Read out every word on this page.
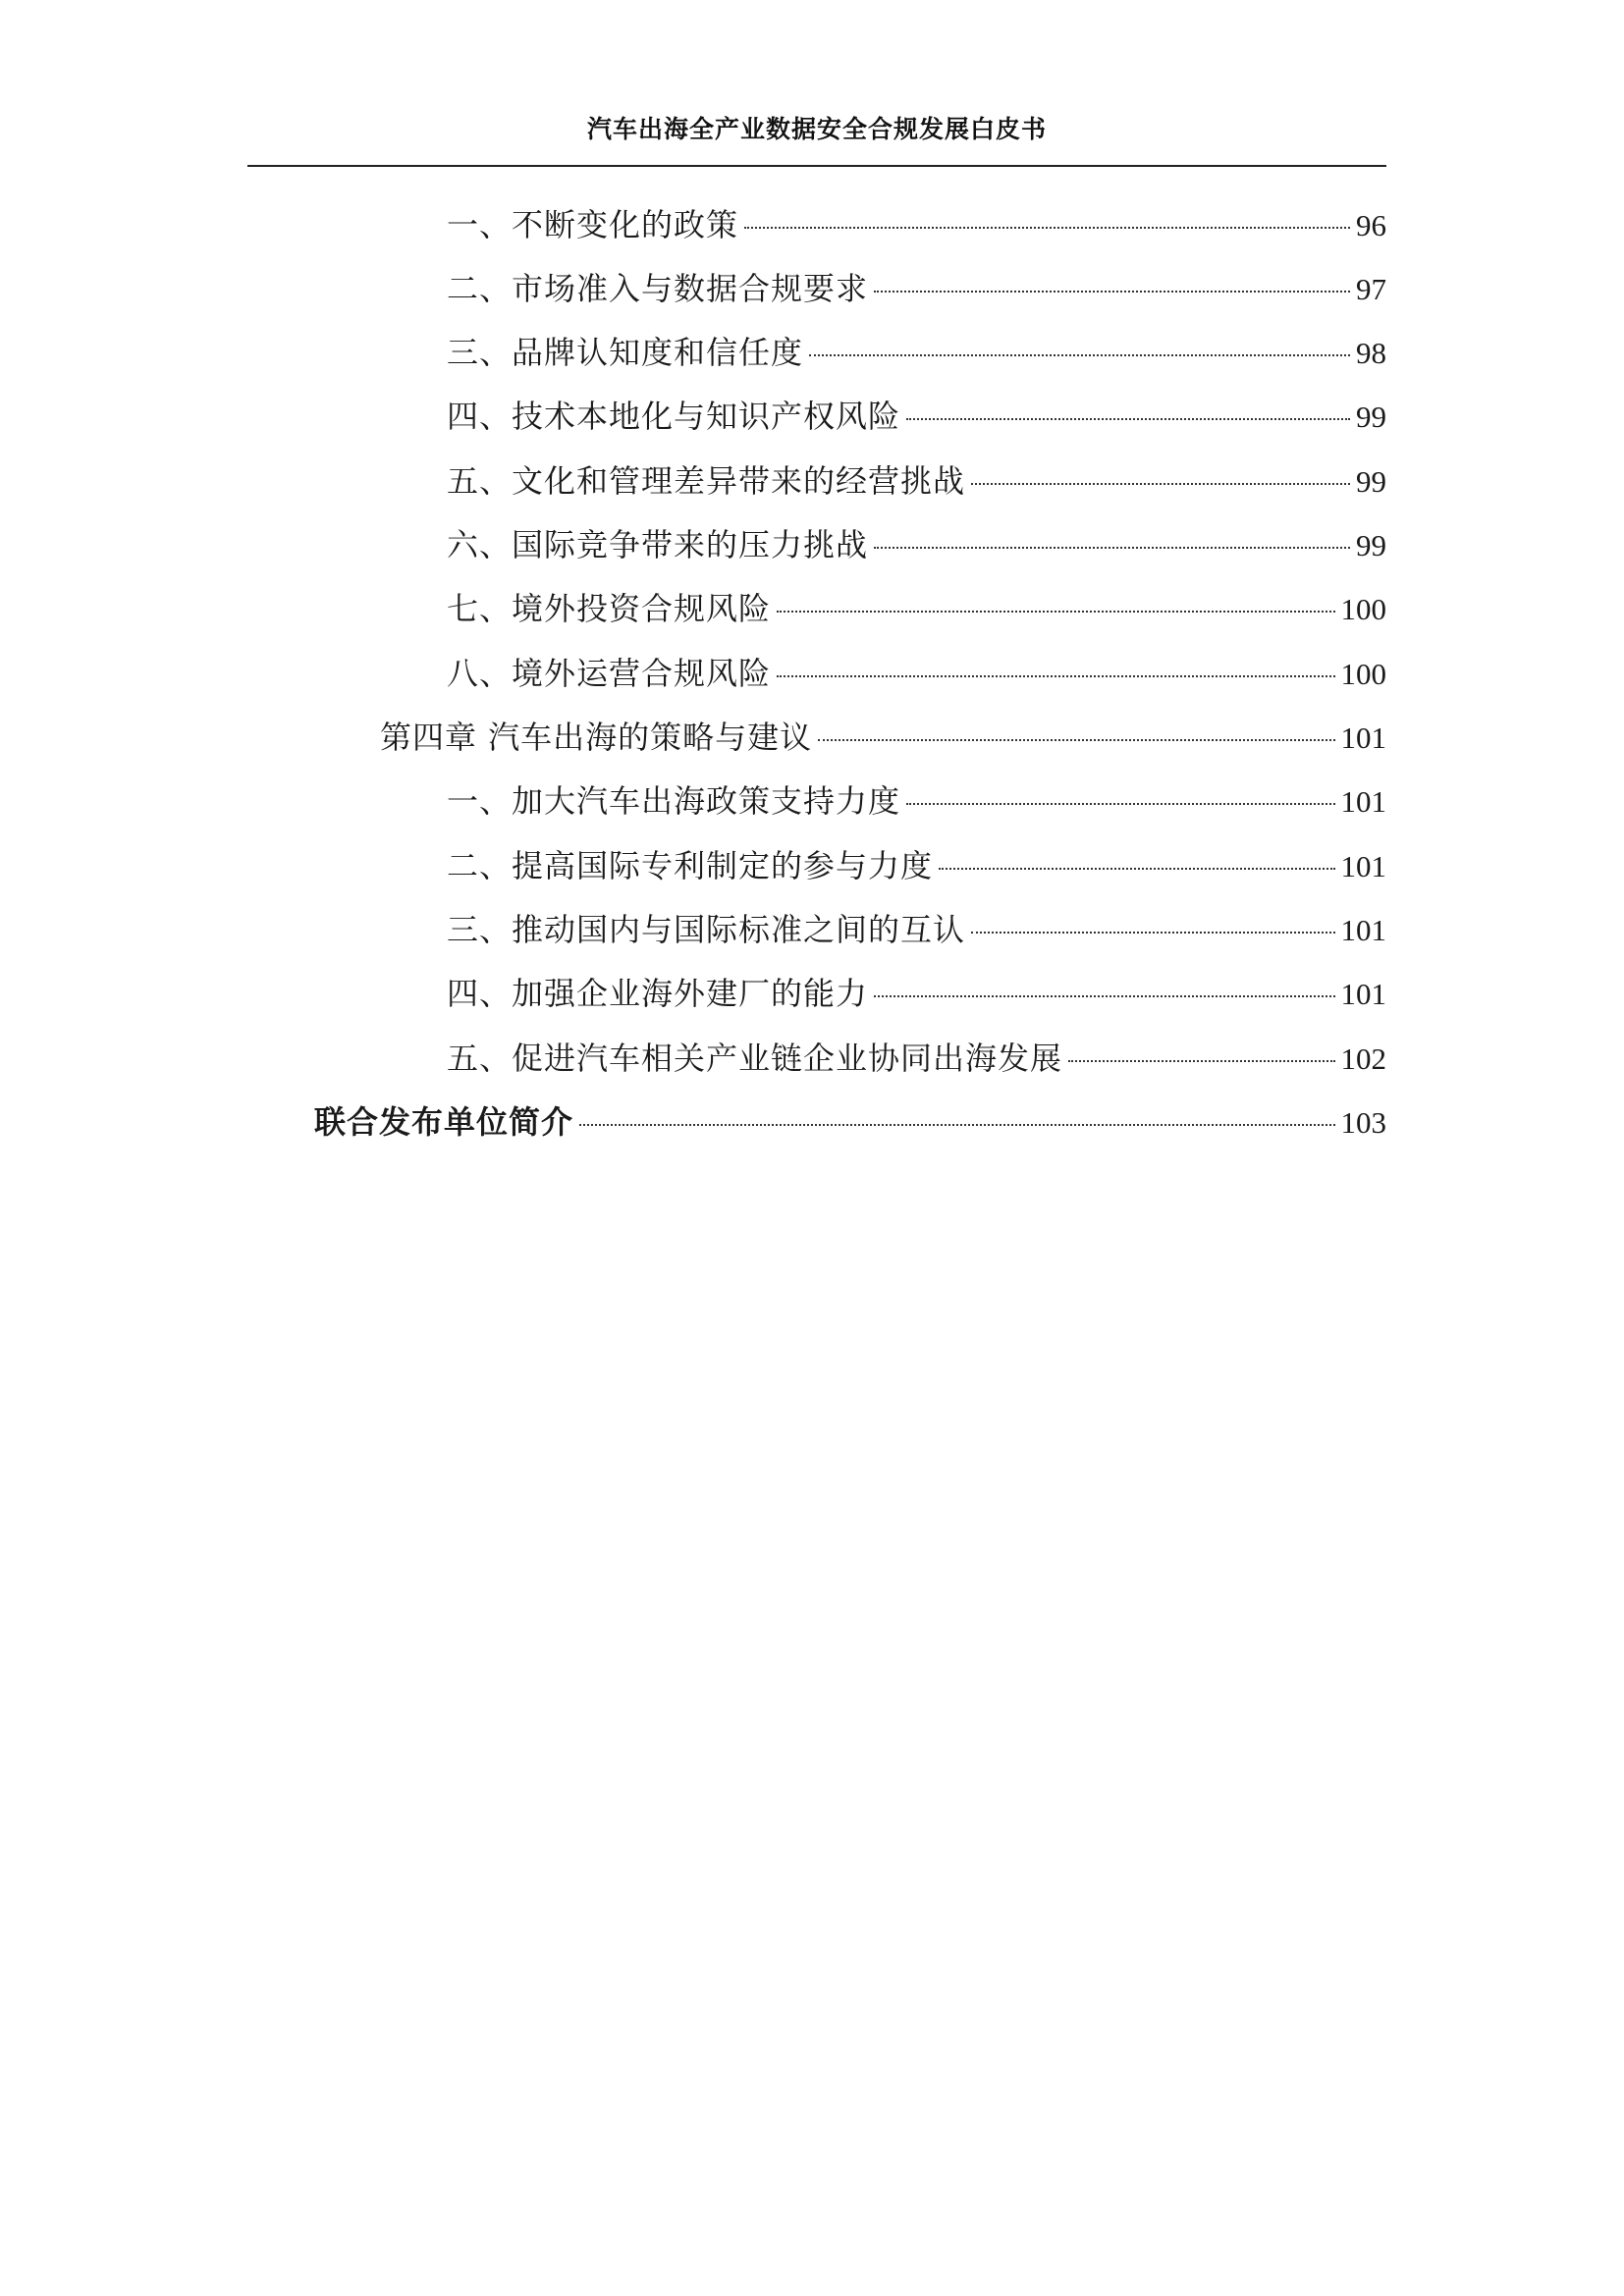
汽车出海全产业数据安全合规发展白皮书
一、不断变化的政策	96
二、市场准入与数据合规要求	97
三、品牌认知度和信任度	98
四、技术本地化与知识产权风险	99
五、文化和管理差异带来的经营挑战	99
六、国际竞争带来的压力挑战	99
七、境外投资合规风险	100
八、境外运营合规风险	100
第四章 汽车出海的策略与建议	101
一、加大汽车出海政策支持力度	101
二、提高国际专利制定的参与力度	101
三、推动国内与国际标准之间的互认	101
四、加强企业海外建厂的能力	101
五、促进汽车相关产业链企业协同出海发展	102
联合发布单位简介	103
